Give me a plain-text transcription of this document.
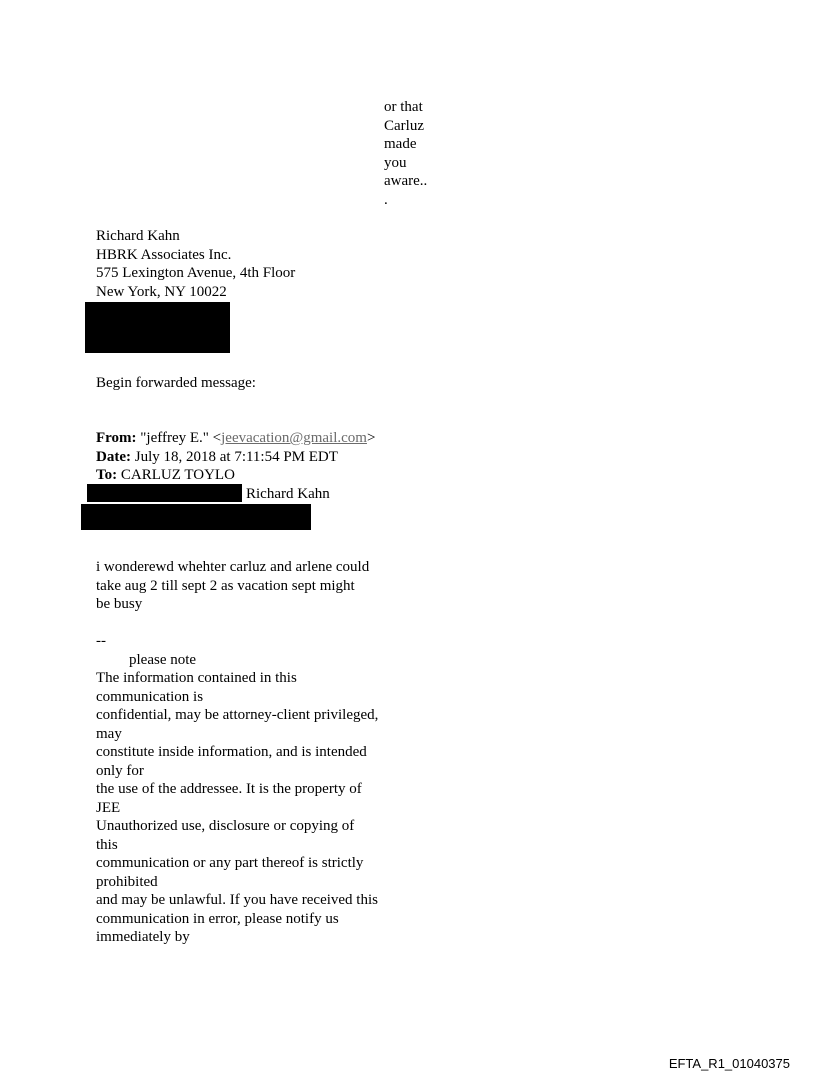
or that
Carluz
made
you
aware..
.
Richard Kahn
HBRK Associates Inc.
575 Lexington Avenue, 4th Floor
New York, NY 10022
Begin forwarded message:
From: "jeffrey E." <jeevacation@gmail.com>
Date: July 18, 2018 at 7:11:54 PM EDT
To: CARLUZ TOYLO
Richard Kahn
i wonderewd whehter carluz and arlene could
take aug 2 till sept 2 as vacation sept might
be busy
--
please note
The information contained in this
communication is
confidential, may be attorney-client privileged,
may
constitute inside information, and is intended
only for
the use of the addressee. It is the property of
JEE
Unauthorized use, disclosure or copying of
this
communication or any part thereof is strictly
prohibited
and may be unlawful. If you have received this
communication in error, please notify us
immediately by
EFTA_R1_01040375
